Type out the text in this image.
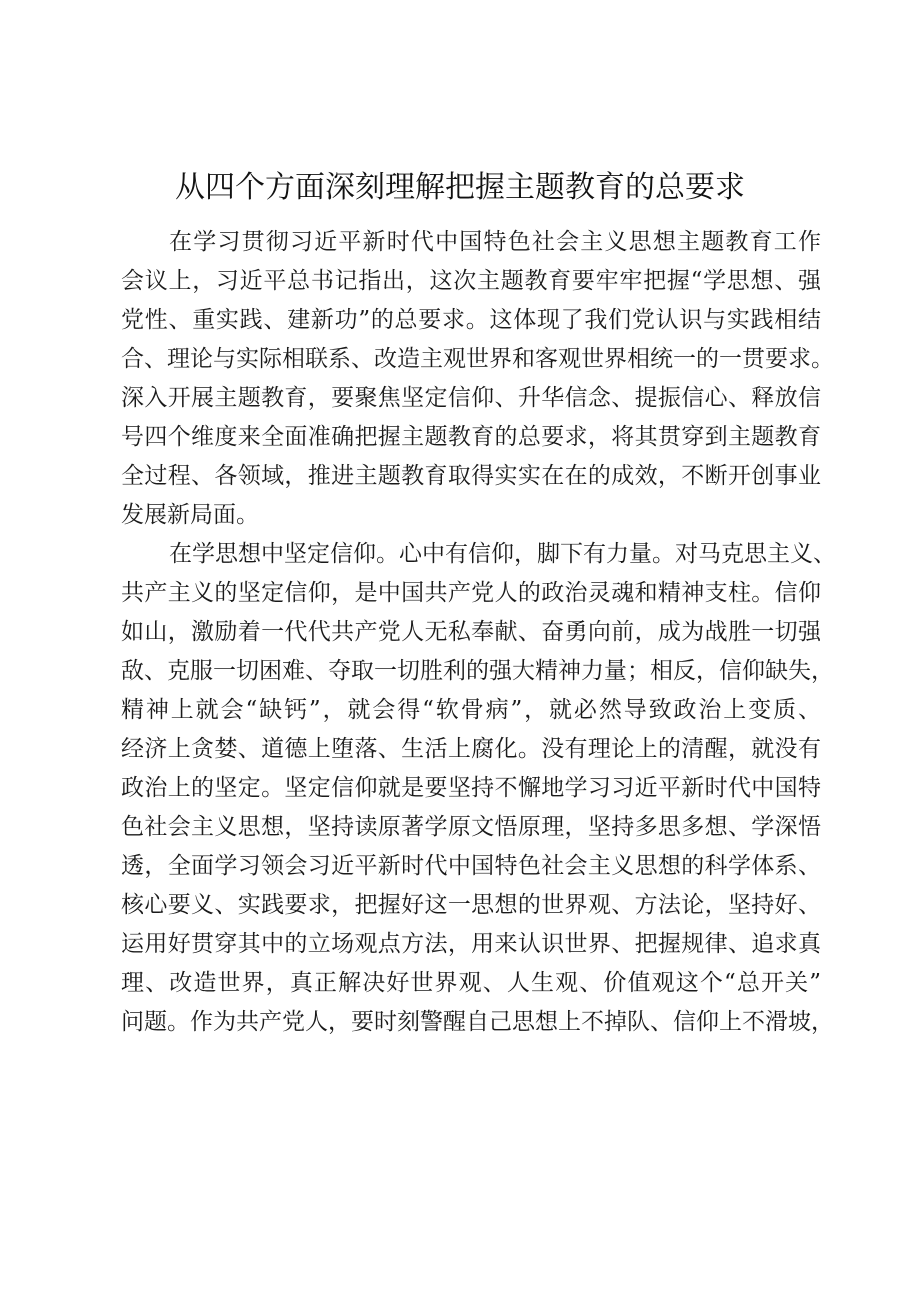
从四个方面深刻理解把握主题教育的总要求
在学习贯彻习近平新时代中国特色社会主义思想主题教育工作
会议上，习近平总书记指出，这次主题教育要牢牢把握“学思想、强
党性、重实践、建新功”的总要求。这体现了我们党认识与实践相结
合、理论与实际相联系、改造主观世界和客观世界相统一的一贯要求。
深入开展主题教育，要聚焦坚定信仰、升华信念、提振信心、释放信
号四个维度来全面准确把握主题教育的总要求，将其贯穿到主题教育
全过程、各领域，推进主题教育取得实实在在的成效，不断开创事业
发展新局面。
在学思想中坚定信仰。心中有信仰，脚下有力量。对马克思主义、
共产主义的坚定信仰，是中国共产党人的政治灵魂和精神支柱。信仰
如山，激励着一代代共产党人无私奉献、奋勇向前，成为战胜一切强
敌、克服一切困难、夺取一切胜利的强大精神力量；相反，信仰缺失，
精神上就会“缺钙”，就会得“软骨病”，就必然导致政治上变质、
经济上贪婪、道德上堕落、生活上腐化。没有理论上的清醒，就没有
政治上的坚定。坚定信仰就是要坚持不懈地学习习近平新时代中国特
色社会主义思想，坚持读原著学原文悟原理，坚持多思多想、学深悟
透，全面学习领会习近平新时代中国特色社会主义思想的科学体系、
核心要义、实践要求，把握好这一思想的世界观、方法论，坚持好、
运用好贯穿其中的立场观点方法，用来认识世界、把握规律、追求真
理、改造世界，真正解决好世界观、人生观、价值观这个“总开关”
问题。作为共产党人，要时刻警醒自己思想上不掉队、信仰上不滑坡，
